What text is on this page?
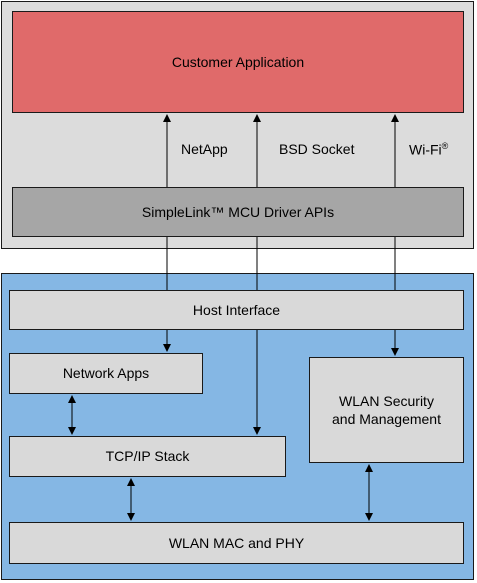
Customer Application
NetApp	BSD Socket	Wi-Fi®
SimpleLink™ MCU Driver APIs
Host Interface
Network Apps
WLAN Security
and Management
TCP/IP Stack
WLAN MAC and PHY
